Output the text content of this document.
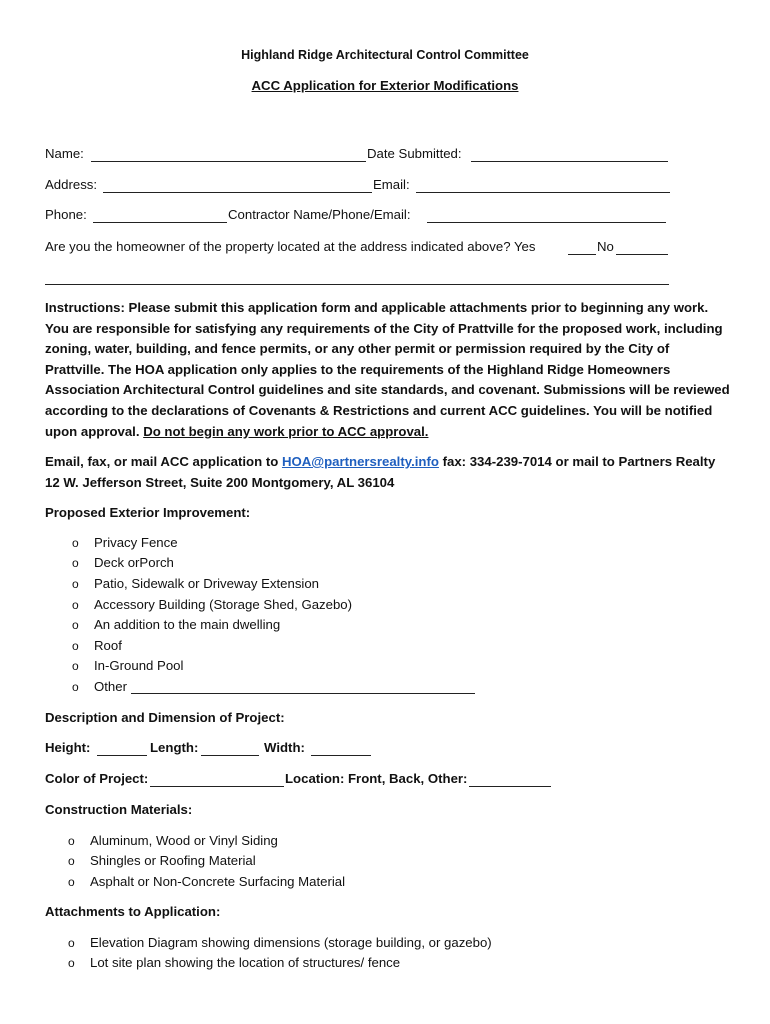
Highland Ridge Architectural Control Committee
ACC Application for Exterior Modifications
Name:	Date Submitted:
Address:	Email:
Phone:	Contractor Name/Phone/Email:
Are you the homeowner of the property located at the address indicated above? Yes	No
Instructions: Please submit this application form and applicable attachments prior to beginning any work.
You are responsible for satisfying any requirements of the City of Prattville for the proposed work, including
zoning, water, building, and fence permits, or any other permit or permission required by the City of
Prattville. The HOA application only applies to the requirements of the Highland Ridge Homeowners
Association Architectural Control guidelines and site standards, and covenant. Submissions will be reviewed
according to the declarations of Covenants & Restrictions and current ACC guidelines. You will be notified
upon approval. Do not begin any work prior to ACC approval.
Email, fax, or mail ACC application to HOA@partnersrealty.info fax: 334-239-7014 or mail to Partners Realty
12 W. Jefferson Street, Suite 200 Montgomery, AL 36104
Proposed Exterior Improvement:
o Privacy Fence
o Deck orPorch
o Patio, Sidewalk or Driveway Extension
o Accessory Building (Storage Shed, Gazebo)
o An addition to the main dwelling
o Roof
o In-Ground Pool
o Other
Description and Dimension of Project:
Height:	Length:	Width:
Color of Project:	Location: Front, Back, Other:
Construction Materials:
o Aluminum, Wood or Vinyl Siding
o Shingles or Roofing Material
o Asphalt or Non-Concrete Surfacing Material
Attachments to Application:
o Elevation Diagram showing dimensions (storage building, or gazebo)
o Lot site plan showing the location of structures/ fence
